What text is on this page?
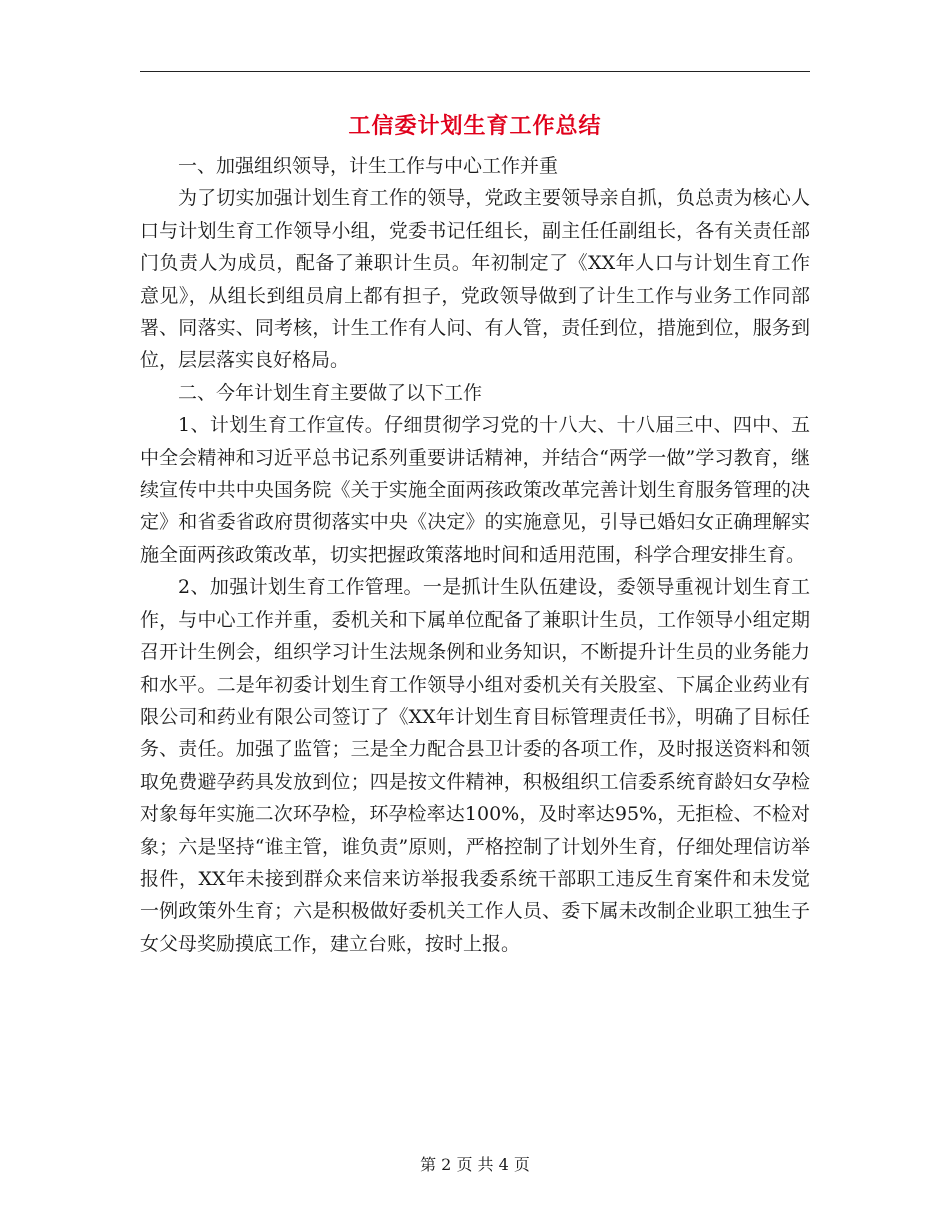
工信委计划生育工作总结

一、加强组织领导，计生工作与中心工作并重

为了切实加强计划生育工作的领导，党政主要领导亲自抓，负总责为核心人口与计划生育工作领导小组，党委书记任组长，副主任任副组长，各有关责任部门负责人为成员，配备了兼职计生员。年初制定了《XX年人口与计划生育工作意见》，从组长到组员肩上都有担子，党政领导做到了计生工作与业务工作同部署、同落实、同考核，计生工作有人问、有人管，责任到位，措施到位，服务到位，层层落实良好格局。

二、今年计划生育主要做了以下工作

1、计划生育工作宣传。仔细贯彻学习党的十八大、十八届三中、四中、五中全会精神和习近平总书记系列重要讲话精神，并结合“两学一做”学习教育，继续宣传中共中央国务院《关于实施全面两孩政策改革完善计划生育服务管理的决定》和省委省政府贯彻落实中央《决定》的实施意见，引导已婚妇女正确理解实施全面两孩政策改革，切实把握政策落地时间和适用范围，科学合理安排生育。

2、加强计划生育工作管理。一是抓计生队伍建设，委领导重视计划生育工作，与中心工作并重，委机关和下属单位配备了兼职计生员，工作领导小组定期召开计生例会，组织学习计生法规条例和业务知识，不断提升计生员的业务能力和水平。二是年初委计划生育工作领导小组对委机关有关股室、下属企业药业有限公司和药业有限公司签订了《XX年计划生育目标管理责任书》，明确了目标任务、责任。加强了监管；三是全力配合县卫计委的各项工作，及时报送资料和领取免费避孕药具发放到位；四是按文件精神，积极组织工信委系统育龄妇女孕检对象每年实施二次环孕检，环孕检率达100%，及时率达95%，无拒检、不检对象；六是坚持“谁主管，谁负责”原则，严格控制了计划外生育，仔细处理信访举报件，XX年未接到群众来信来访举报我委系统干部职工违反生育案件和未发觉一例政策外生育；六是积极做好委机关工作人员、委下属未改制企业职工独生子女父母奖励摸底工作，建立台账，按时上报。

第 2 页 共 4 页
